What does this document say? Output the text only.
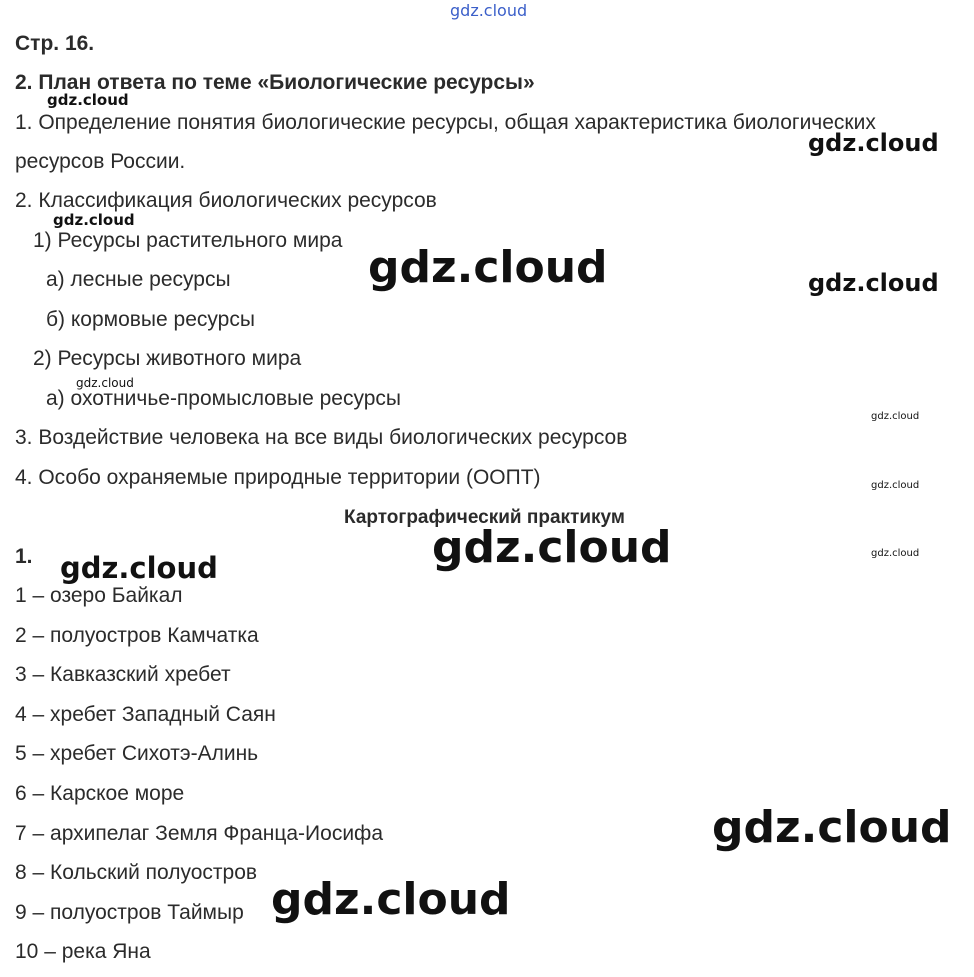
Стр. 16.
2. План ответа по теме «Биологические ресурсы»
1. Определение понятия биологические ресурсы, общая характеристика биологических
ресурсов России.
2. Классификация биологических ресурсов
1) Ресурсы растительного мира
а) лесные ресурсы
б) кормовые ресурсы
2) Ресурсы животного мира
а) охотничье-промысловые ресурсы
3. Воздействие человека на все виды биологических ресурсов
4. Особо охраняемые природные территории (ООПТ)
Картографический практикум
1.
1 – озеро Байкал
2 – полуостров Камчатка
3 – Кавказский хребет
4 – хребет Западный Саян
5 – хребет Сихотэ-Алинь
6 – Карское море
7 – архипелаг Земля Франца-Иосифа
8 – Кольский полуостров
9 – полуостров Таймыр
10 – река Яна
gdz.cloud
gdz.cloud
gdz.cloud
gdz.cloud
gdz.cloud	gdz.cloud
gdz.cloud
gdz.cloud
gdz.cloud
gdz.cloud	gdz.cloud
gdz.cloud
gdz.cloud
gdz.cloud
